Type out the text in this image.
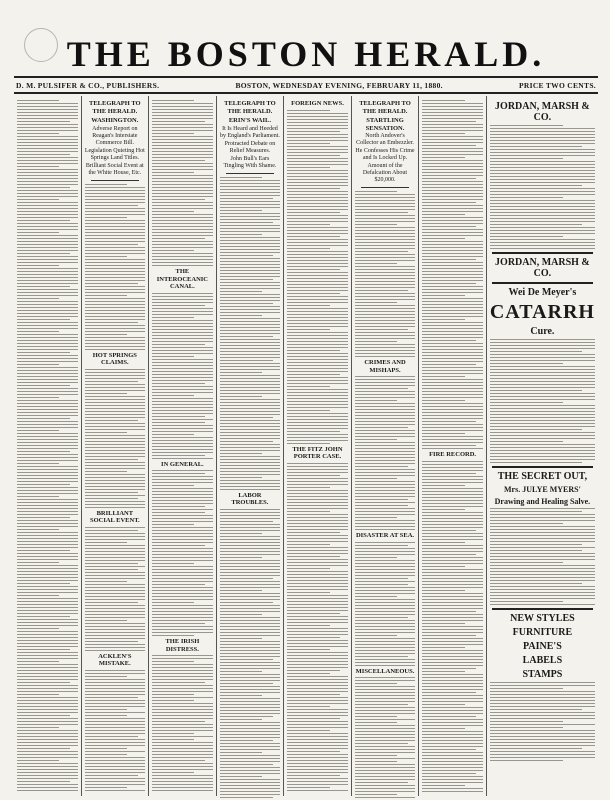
THE BOSTON HERALD.
D. M. PULSIFER & CO., PUBLISHERS.	BOSTON, WEDNESDAY EVENING, FEBRUARY 11, 1880.	PRICE TWO CENTS.
TELEGRAPH TO THE HERALD.
WASHINGTON.
Adverse Report on Reagan's Interstate Commerce Bill.
Legislation Quieting Hot Springs Land Titles.
Brilliant Social Event at the White House, Etc.
HOT SPRINGS CLAIMS.
BRILLIANT SOCIAL EVENT.
ACKLEN'S MISTAKE.
THE INTEROCEANIC CANAL.
IN GENERAL.
THE IRISH DISTRESS.
TELEGRAPH TO THE HERALD.
ERIN'S WAIL.
It Is Heard and Heeded by England's Parliament.
Protracted Debate on Relief Measures.
John Bull's Ears Tingling With Shame.
LABOR TROUBLES.
FOREIGN NEWS.
THE FITZ JOHN PORTER CASE.
TELEGRAPH TO THE HERALD.
STARTLING SENSATION.
North Andover's Collector an Embezzler.
He Confesses His Crime and Is Locked Up.
Amount of the Defalcation About $20,000.
CRIMES AND MISHAPS.
DISASTER AT SEA.
MISCELLANEOUS.
FIRE RECORD.
JORDAN, MARSH & CO.
JORDAN, MARSH & CO.
Wei De Meyer's
CATARRH
Cure.
THE SECRET OUT,
Mrs. JULYE MYERS'
Drawing and Healing Salve.
NEW STYLES
FURNITURE
PAINE'S
LABELS
STAMPS
